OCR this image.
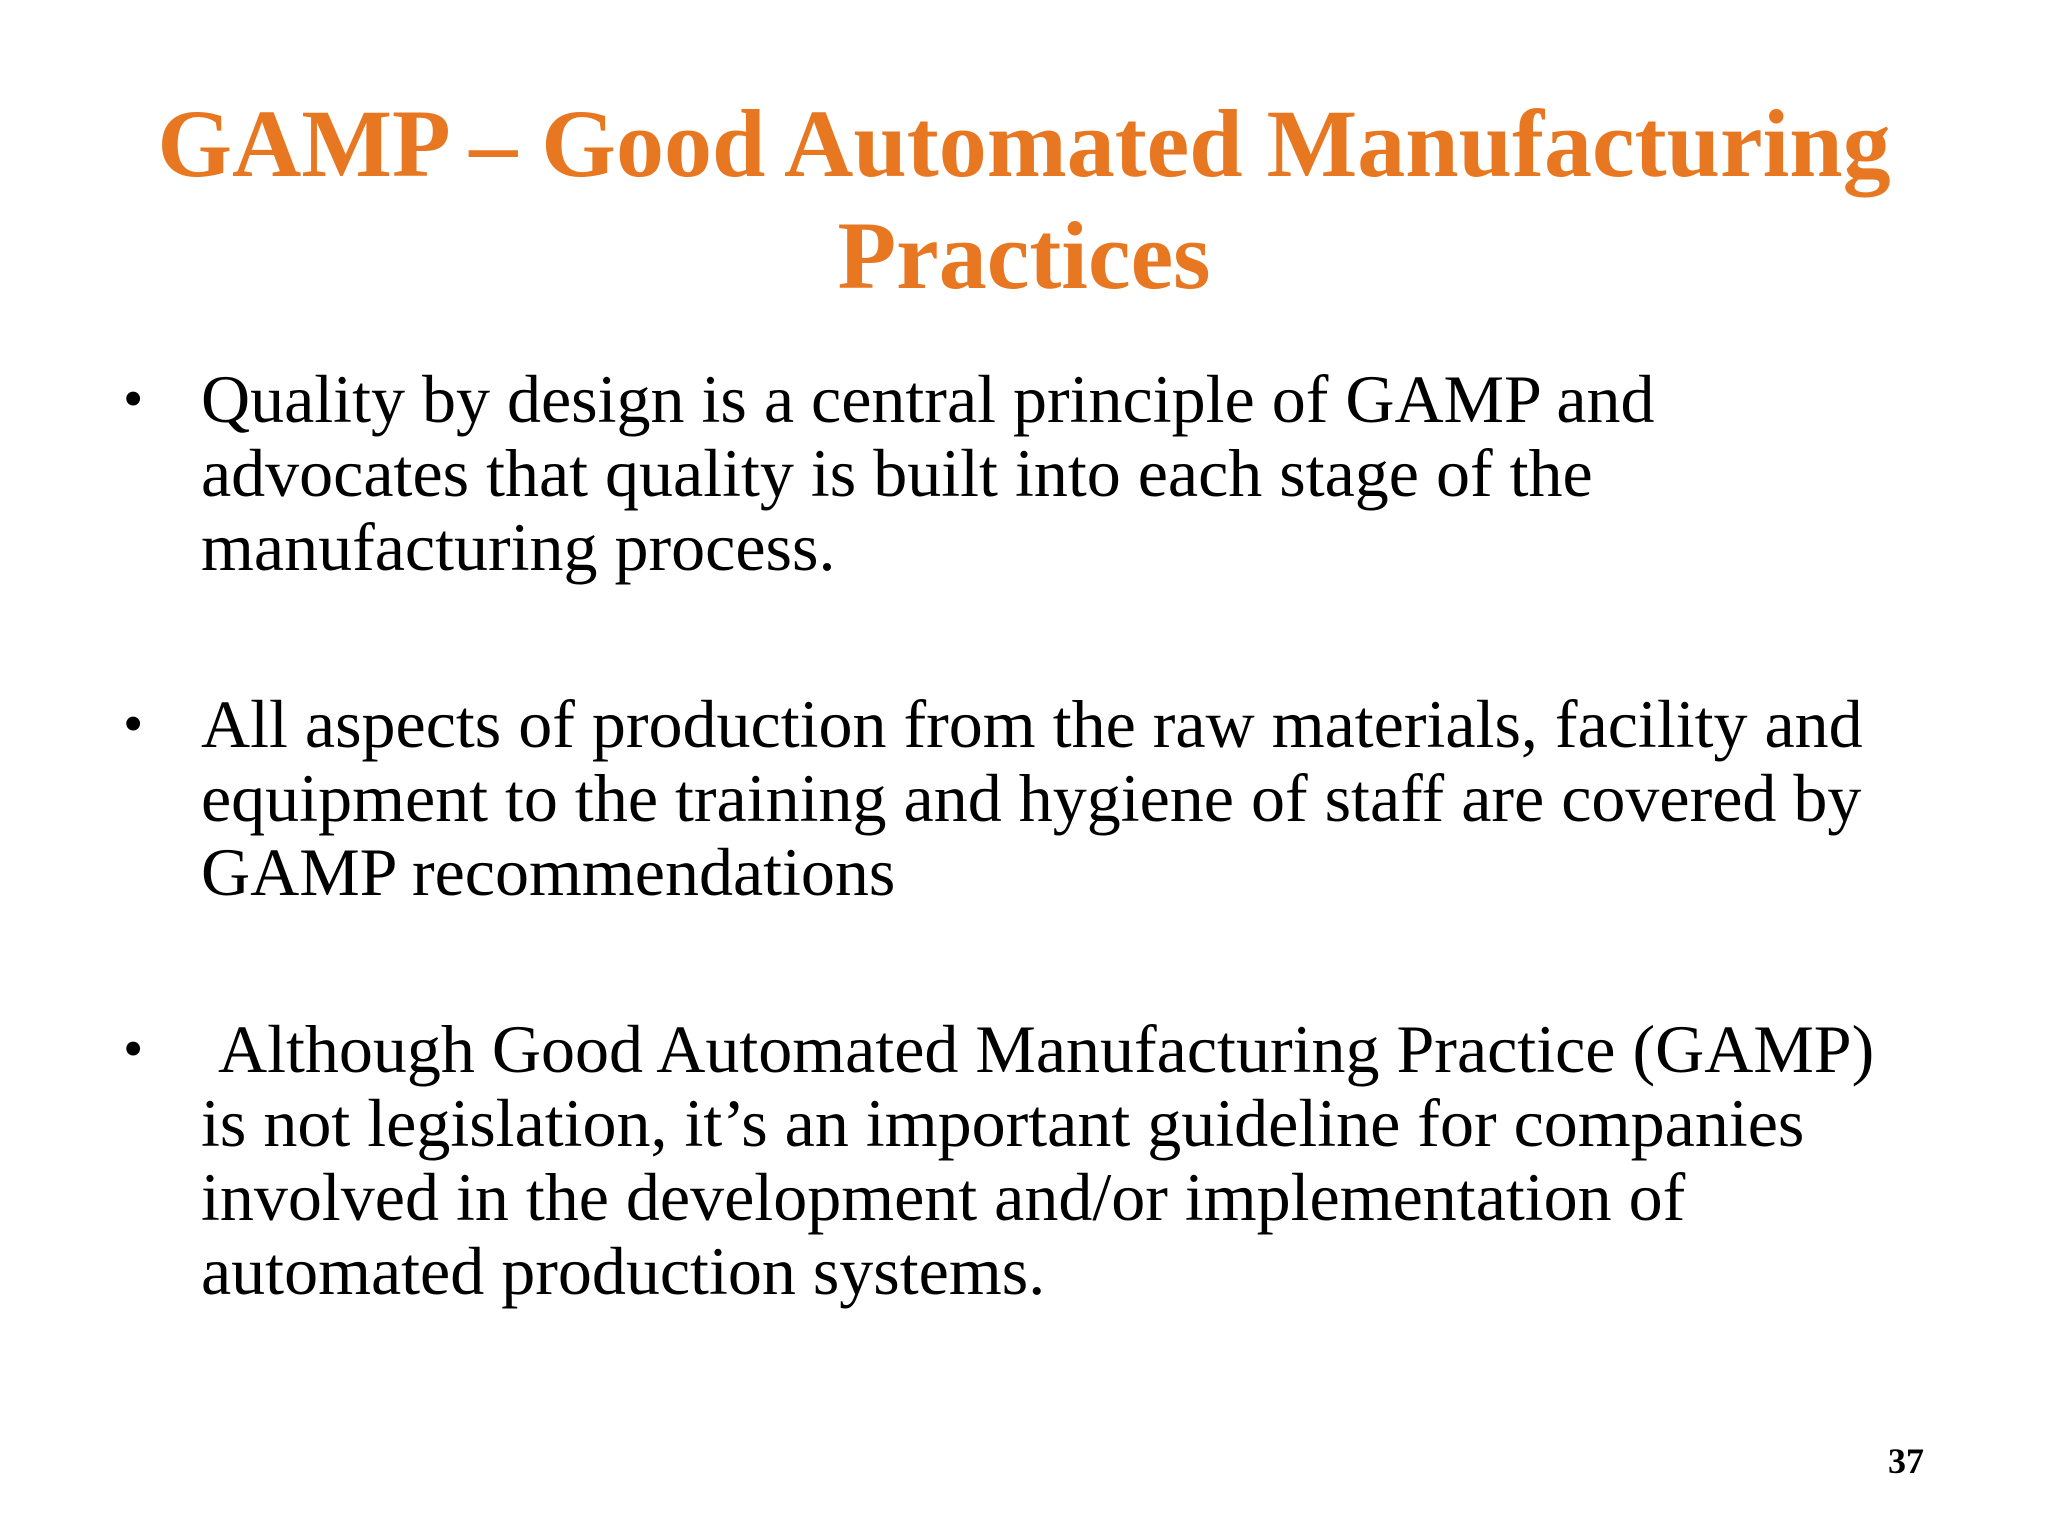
GAMP – Good Automated Manufacturing Practices
• Quality by design is a central principle of GAMP and advocates that quality is built into each stage of the manufacturing process.
• All aspects of production from the raw materials, facility and equipment to the training and hygiene of staff are covered by GAMP recommendations
• Although Good Automated Manufacturing Practice (GAMP) is not legislation, it’s an important guideline for companies involved in the development and/or implementation of automated production systems.
37
